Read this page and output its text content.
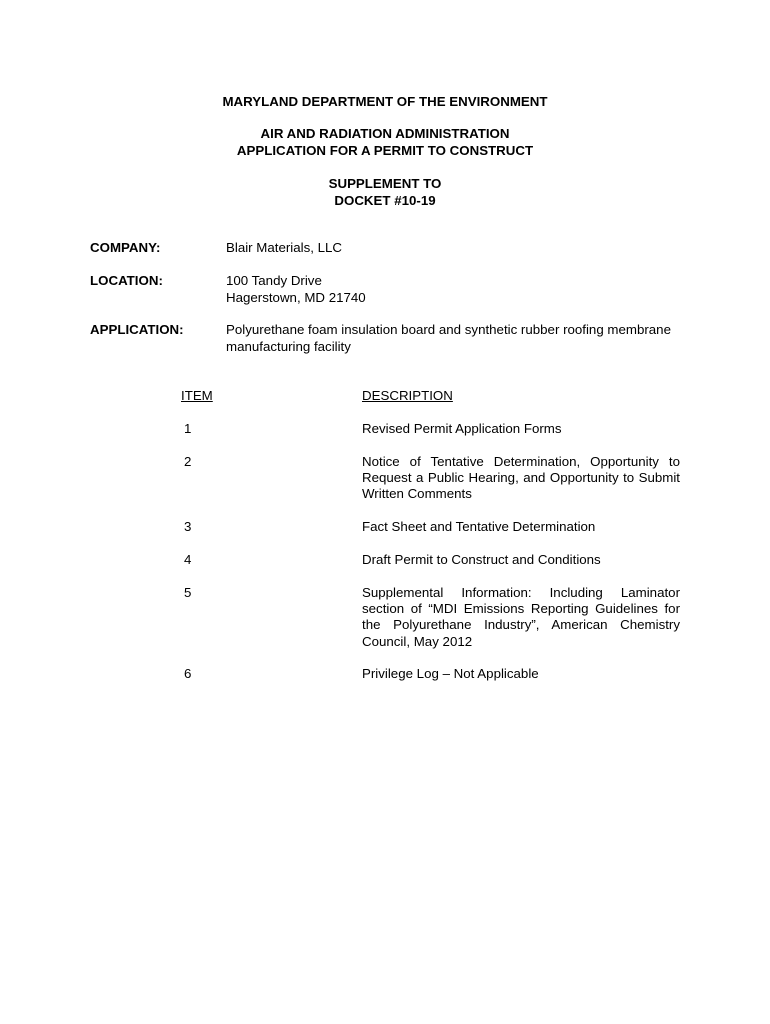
MARYLAND DEPARTMENT OF THE ENVIRONMENT
AIR AND RADIATION ADMINISTRATION
APPLICATION FOR A PERMIT TO CONSTRUCT
SUPPLEMENT TO
DOCKET #10-19
COMPANY:	Blair Materials, LLC
LOCATION:	100 Tandy Drive
Hagerstown, MD 21740
APPLICATION:	Polyurethane foam insulation board and synthetic rubber roofing membrane
manufacturing facility
ITEM	DESCRIPTION
1	Revised Permit Application Forms
2	Notice of Tentative Determination, Opportunity to
Request a Public Hearing, and Opportunity to Submit
Written Comments
3	Fact Sheet and Tentative Determination
4	Draft Permit to Construct and Conditions
5	Supplemental Information: Including Laminator
section of “MDI Emissions Reporting Guidelines for
the Polyurethane Industry”, American Chemistry
Council, May 2012
6	Privilege Log – Not Applicable
